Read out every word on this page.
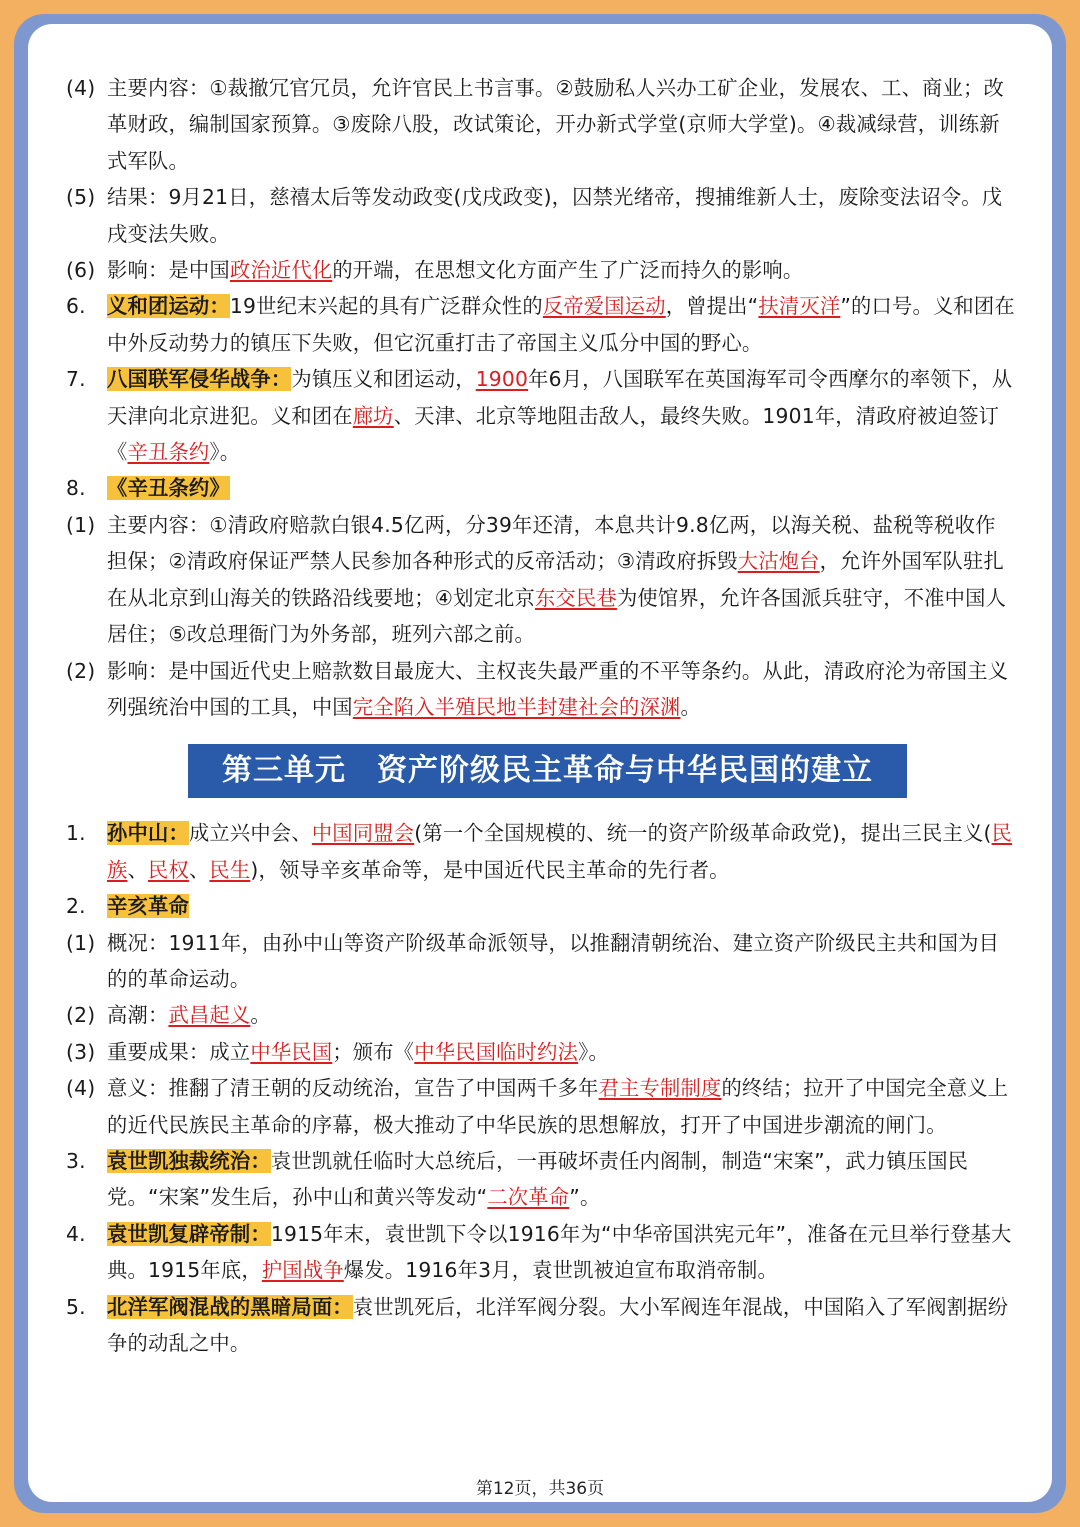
(4) 主要内容：①裁撤冗官冗员，允许官民上书言事。②鼓励私人兴办工矿企业，发展农、工、商业；改革财政，编制国家预算。③废除八股，改试策论，开办新式学堂(京师大学堂)。④裁减绿营，训练新式军队。
(5) 结果：9月21日，慈禧太后等发动政变(戊戌政变)，囚禁光绪帝，搜捕维新人士，废除变法诏令。戊戌变法失败。
(6) 影响：是中国政治近代化的开端，在思想文化方面产生了广泛而持久的影响。
6. 义和团运动：19世纪末兴起的具有广泛群众性的反帝爱国运动，曾提出“扶清灭洋”的口号。义和团在中外反动势力的镇压下失败，但它沉重打击了帝国主义瓜分中国的野心。
7. 八国联军侵华战争：为镇压义和团运动，1900年6月，八国联军在英国海军司令西摩尔的率领下，从天津向北京进犯。义和团在廊坊、天津、北京等地阻击敌人，最终失败。1901年，清政府被迫签订《辛丑条约》。
8. 《辛丑条约》
(1) 主要内容：①清政府赔款白银4.5亿两，分39年还清，本息共计9.8亿两，以海关税、盐税等税收作担保；②清政府保证严禁人民参加各种形式的反帝活动；③清政府拆毁大沽炮台，允许外国军队驻扎在从北京到山海关的铁路沿线要地；④划定北京东交民巷为使馆界，允许各国派兵驻守，不准中国人居住；⑤改总理衙门为外务部，班列六部之前。
(2) 影响：是中国近代史上赔款数目最庞大、主权丧失最严重的不平等条约。从此，清政府沦为帝国主义列强统治中国的工具，中国完全陷入半殖民地半封建社会的深渊。
第三单元　资产阶级民主革命与中华民国的建立
1. 孙中山：成立兴中会、中国同盟会(第一个全国规模的、统一的资产阶级革命政党)，提出三民主义(民族、民权、民生)，领导辛亥革命等，是中国近代民主革命的先行者。
2. 辛亥革命
(1) 概况：1911年，由孙中山等资产阶级革命派领导，以推翻清朝统治、建立资产阶级民主共和国为目的的革命运动。
(2) 高潮：武昌起义。
(3) 重要成果：成立中华民国；颁布《中华民国临时约法》。
(4) 意义：推翻了清王朝的反动统治，宣告了中国两千多年君主专制制度的终结；拉开了中国完全意义上的近代民族民主革命的序幕，极大推动了中华民族的思想解放，打开了中国进步潮流的闸门。
3. 袁世凯独裁统治：袁世凯就任临时大总统后，一再破坏责任内阁制，制造“宋案”，武力镇压国民党。“宋案”发生后，孙中山和黄兴等发动“二次革命”。
4. 袁世凯复辟帝制：1915年末，袁世凯下令以1916年为“中华帝国洪宪元年”，准备在元旦举行登基大典。1915年底，护国战争爆发。1916年3月，袁世凯被迫宣布取消帝制。
5. 北洋军阀混战的黑暗局面：袁世凯死后，北洋军阀分裂。大小军阀连年混战，中国陷入了军阀割据纷争的动乱之中。
第12页，共36页
